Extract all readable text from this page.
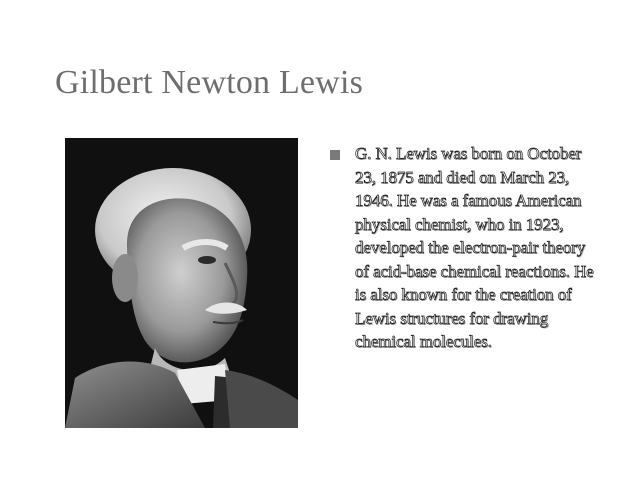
Gilbert Newton Lewis
G. N. Lewis was born on October 23, 1875 and died on March 23, 1946. He was a famous American physical chemist, who in 1923, developed the electron-pair theory of acid-base chemical reactions. He is also known for the creation of Lewis structures for drawing chemical molecules.
